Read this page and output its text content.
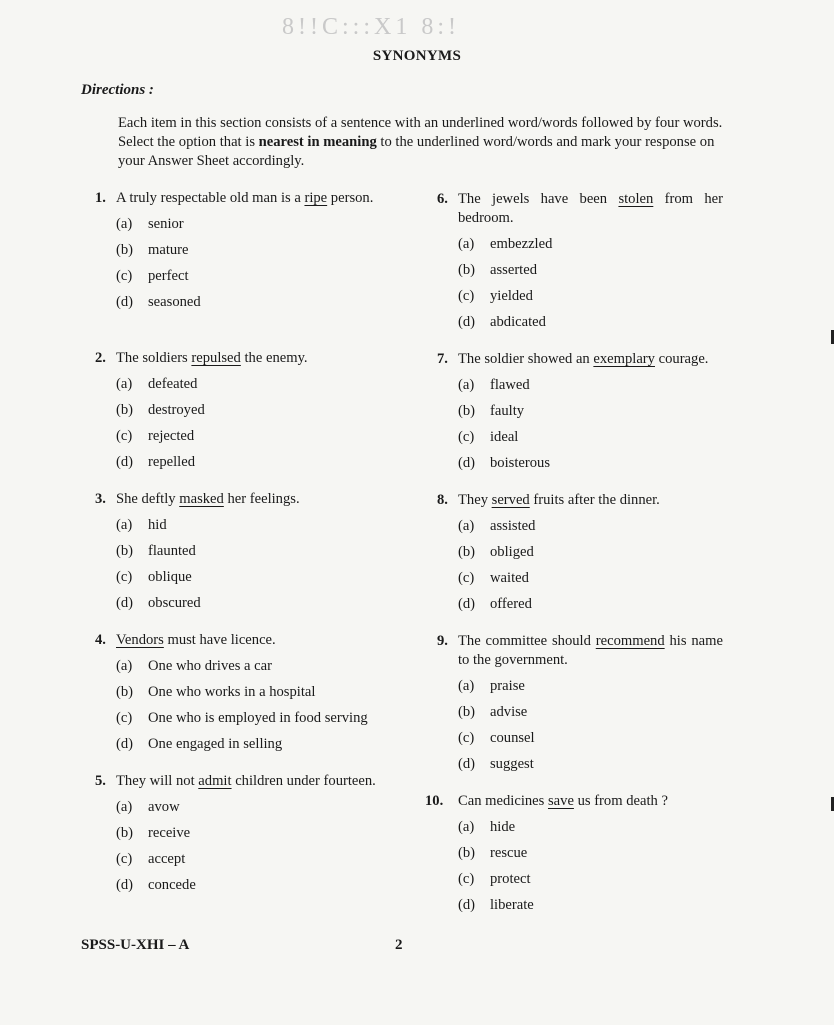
8!!C:::X1 8:!
SYNONYMS
Directions :
Each item in this section consists of a sentence with an underlined word/words followed by four words. Select the option that is nearest in meaning to the underlined word/words and mark your response on your Answer Sheet accordingly.
1. A truly respectable old man is a ripe person.
(a)	senior
(b)	mature
(c)	perfect
(d)	seasoned
2. The soldiers repulsed the enemy.
(a)	defeated
(b)	destroyed
(c)	rejected
(d)	repelled
3. She deftly masked her feelings.
(a)	hid
(b)	flaunted
(c)	oblique
(d)	obscured
4. Vendors must have licence.
(a)	One who drives a car
(b)	One who works in a hospital
(c)	One who is employed in food serving
(d)	One engaged in selling
5. They will not admit children under fourteen.
(a)	avow
(b)	receive
(c)	accept
(d)	concede
6. The jewels have been stolen from her bedroom.
(a)	embezzled
(b)	asserted
(c)	yielded
(d)	abdicated
7. The soldier showed an exemplary courage.
(a)	flawed
(b)	faulty
(c)	ideal
(d)	boisterous
8. They served fruits after the dinner.
(a)	assisted
(b)	obliged
(c)	waited
(d)	offered
9. The committee should recommend his name to the government.
(a)	praise
(b)	advise
(c)	counsel
(d)	suggest
10. Can medicines save us from death ?
(a)	hide
(b)	rescue
(c)	protect
(d)	liberate
SPSS-U-XHI – A	2
